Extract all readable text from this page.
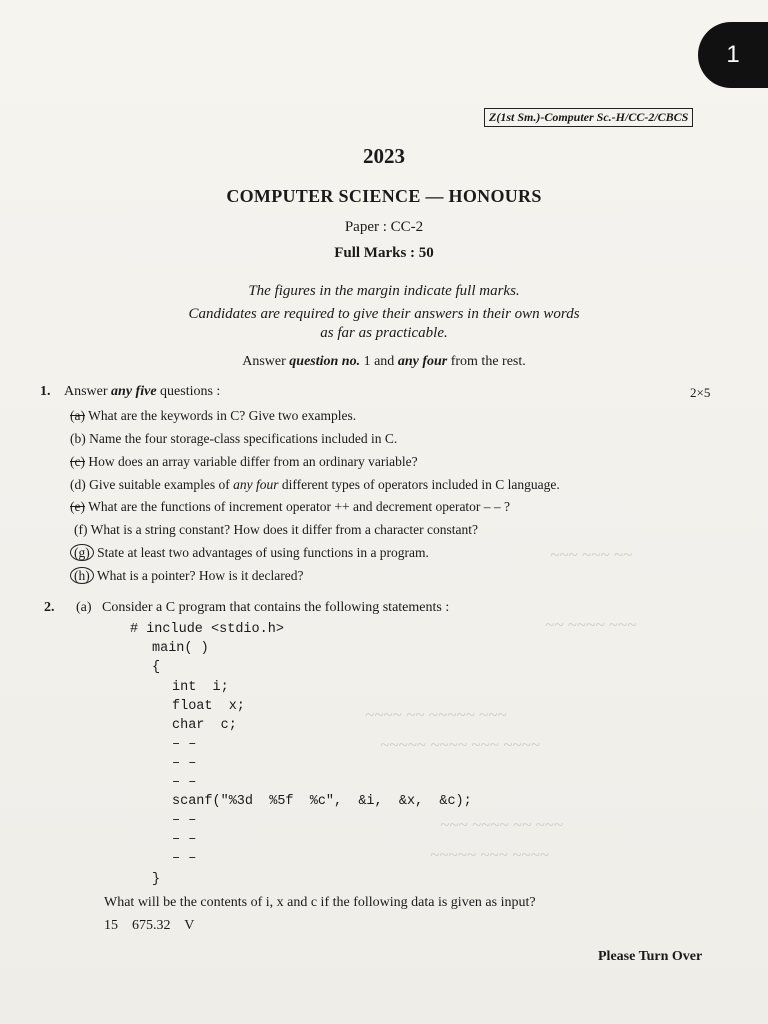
~~~ ~~~ ~~
~~ ~~~~ ~~~
~~~~ ~~ ~~~~~ ~~~
~~~~~ ~~~~ ~~~ ~~~~
~~~ ~~~~ ~~ ~~~
~~~~~ ~~~ ~~~~
1
Z(1st Sm.)-Computer Sc.-H/CC-2/CBCS
2023
COMPUTER SCIENCE — HONOURS
Paper : CC-2
Full Marks : 50
The figures in the margin indicate full marks.
Candidates are required to give their answers in their own words
as far as practicable.
Answer question no. 1 and any four from the rest.
1. Answer any five questions :	2×5
(a) What are the keywords in C? Give two examples.
(b) Name the four storage-class specifications included in C.
(c) How does an array variable differ from an ordinary variable?
(d) Give suitable examples of any four different types of operators included in C language.
(e) What are the functions of increment operator ++ and decrement operator – – ?
(f) What is a string constant? How does it differ from a character constant?
(g) State at least two advantages of using functions in a program.
(h) What is a pointer? How is it declared?
2. (a) Consider a C program that contains the following statements :
# include <stdio.h>
main( )
{
int  i;
float  x;
char  c;
– –
– –
– –
scanf("%3d  %5f  %c",  &i,  &x,  &c);
– –
– –
– –
}
What will be the contents of i, x and c if the following data is given as input?
15    675.32    V
Please Turn Over
